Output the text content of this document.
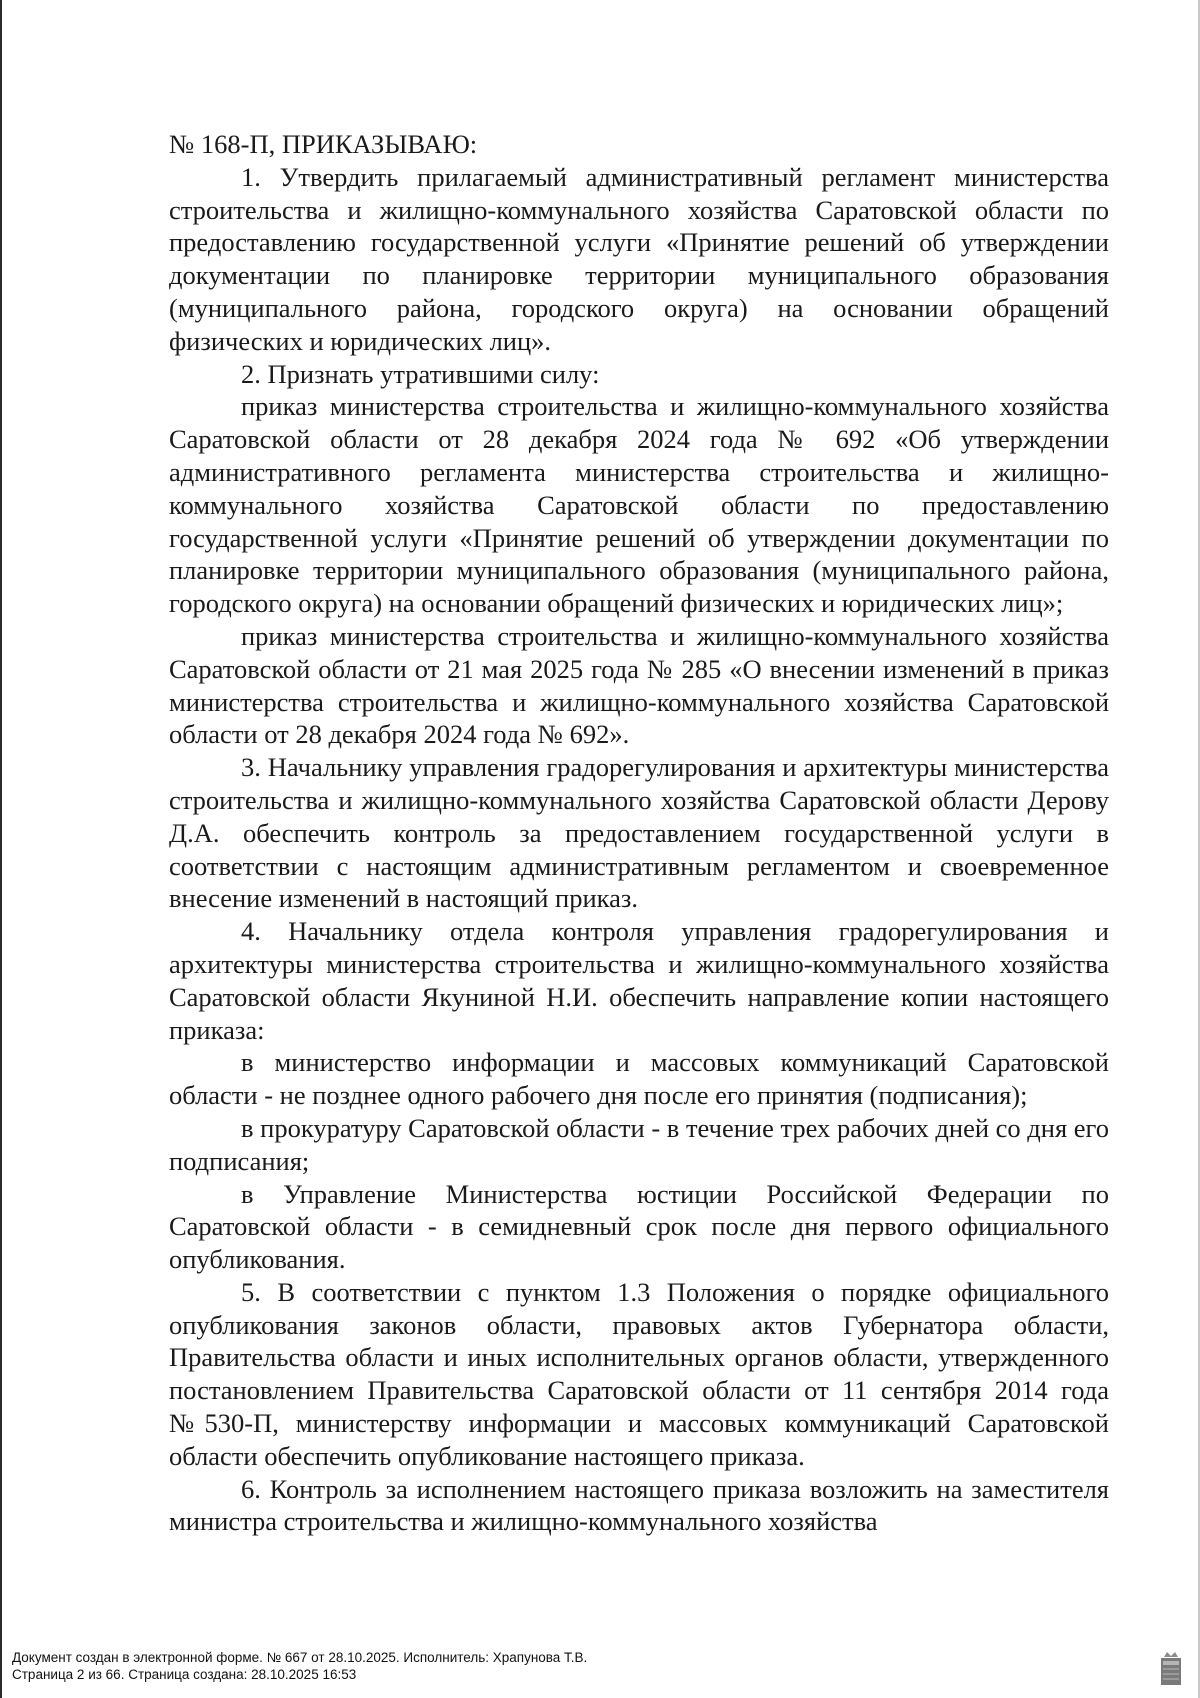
№ 168-П, ПРИКАЗЫВАЮ:

1. Утвердить прилагаемый административный регламент министерства строительства и жилищно-коммунального хозяйства Саратовской области по предоставлению государственной услуги «Принятие решений об утверждении документации по планировке территории муниципального образования (муниципального района, городского округа) на основании обращений физических и юридических лиц».

2. Признать утратившими силу:

приказ министерства строительства и жилищно-коммунального хозяйства Саратовской области от 28 декабря 2024 года № 692 «Об утверждении административного регламента министерства строительства и жилищно-коммунального хозяйства Саратовской области по предоставлению государственной услуги «Принятие решений об утверждении документации по планировке территории муниципального образования (муниципального района, городского округа) на основании обращений физических и юридических лиц»;

приказ министерства строительства и жилищно-коммунального хозяйства Саратовской области от 21 мая 2025 года № 285 «О внесении изменений в приказ министерства строительства и жилищно-коммунального хозяйства Саратовской области от 28 декабря 2024 года № 692».

3. Начальнику управления градорегулирования и архитектуры министерства строительства и жилищно-коммунального хозяйства Саратовской области Дерову Д.А. обеспечить контроль за предоставлением государственной услуги в соответствии с настоящим административным регламентом и своевременное внесение изменений в настоящий приказ.

4. Начальнику отдела контроля управления градорегулирования и архитектуры министерства строительства и жилищно-коммунального хозяйства Саратовской области Якуниной Н.И. обеспечить направление копии настоящего приказа:

в министерство информации и массовых коммуникаций Саратовской области - не позднее одного рабочего дня после его принятия (подписания);

в прокуратуру Саратовской области - в течение трех рабочих дней со дня его подписания;

в Управление Министерства юстиции Российской Федерации по Саратовской области - в семидневный срок после дня первого официального опубликования.

5. В соответствии с пунктом 1.3 Положения о порядке официального опубликования законов области, правовых актов Губернатора области, Правительства области и иных исполнительных органов области, утвержденного постановлением Правительства Саратовской области от 11 сентября 2014 года №530-П, министерству информации и массовых коммуникаций Саратовской области обеспечить опубликование настоящего приказа.

6. Контроль за исполнением настоящего приказа возложить на заместителя министра строительства и жилищно-коммунального хозяйства

Документ создан в электронной форме. № 667 от 28.10.2025. Исполнитель: Храпунова Т.В.
Страница 2 из 66. Страница создана: 28.10.2025 16:53
